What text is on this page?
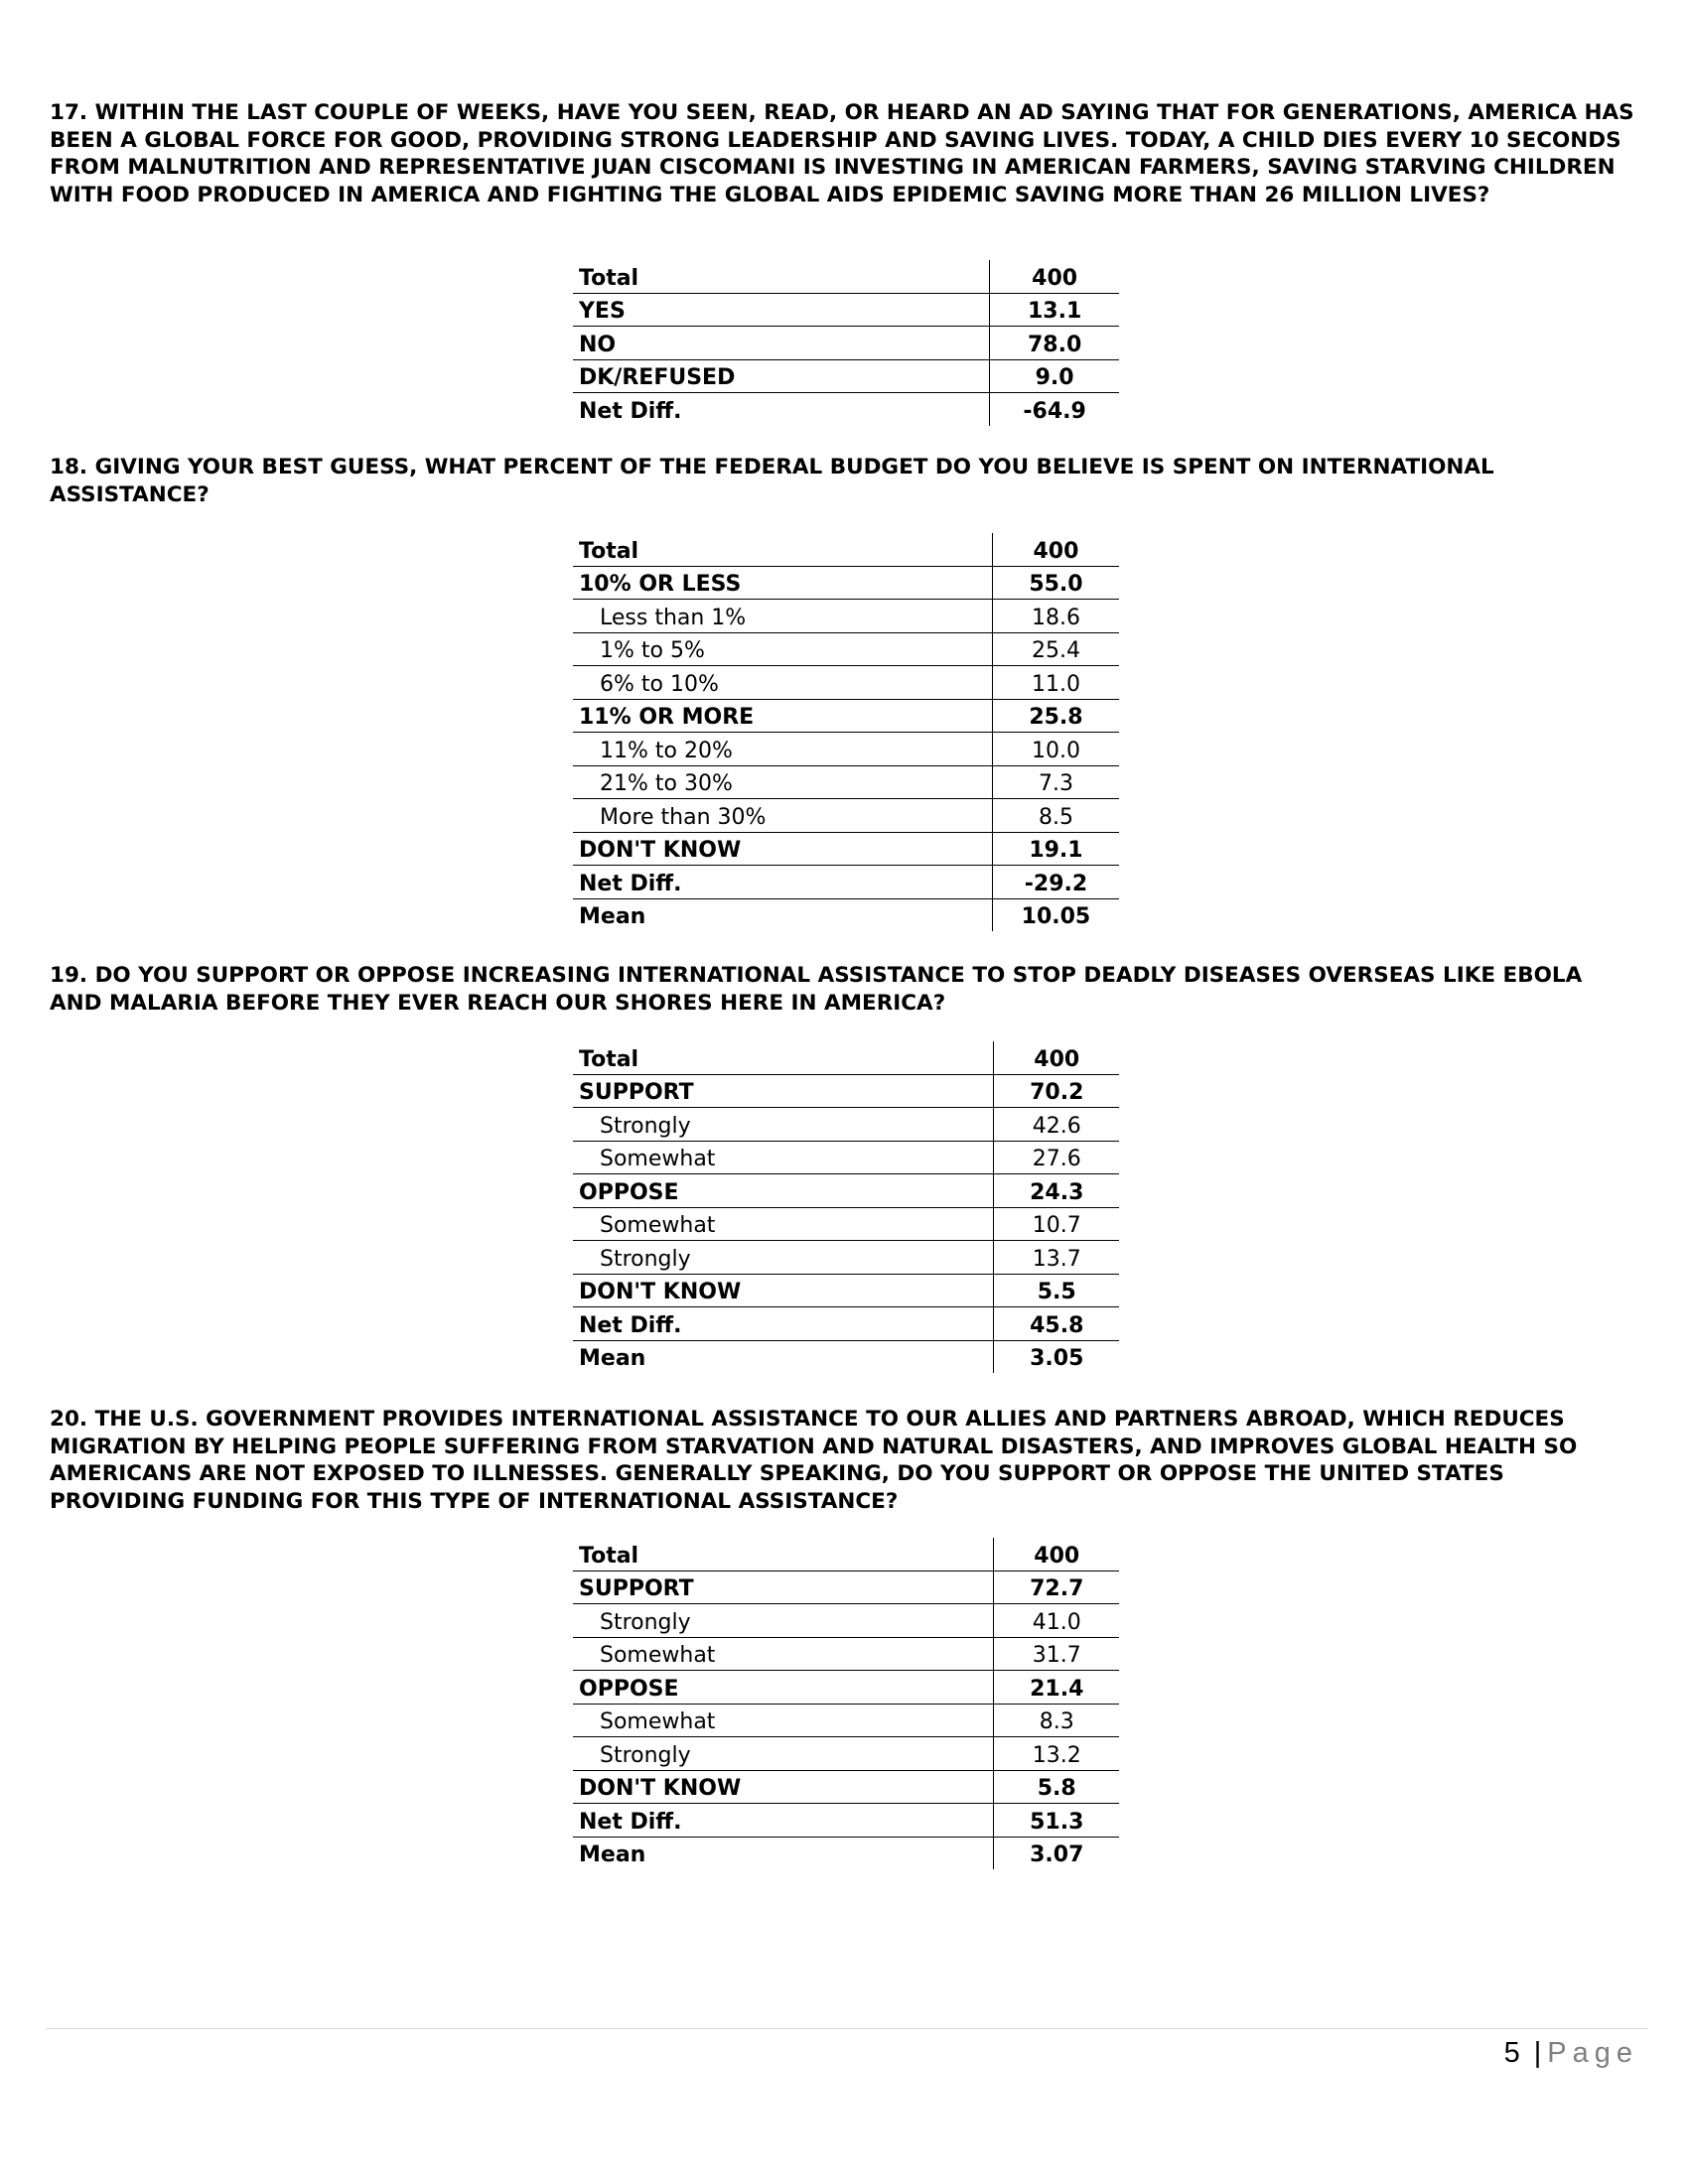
17. WITHIN THE LAST COUPLE OF WEEKS, HAVE YOU SEEN, READ, OR HEARD AN AD SAYING THAT FOR GENERATIONS, AMERICA HAS BEEN A GLOBAL FORCE FOR GOOD, PROVIDING STRONG LEADERSHIP AND SAVING LIVES. TODAY, A CHILD DIES EVERY 10 SECONDS FROM MALNUTRITION AND REPRESENTATIVE JUAN CISCOMANI IS INVESTING IN AMERICAN FARMERS, SAVING STARVING CHILDREN WITH FOOD PRODUCED IN AMERICA AND FIGHTING THE GLOBAL AIDS EPIDEMIC SAVING MORE THAN 26 MILLION LIVES?

Total	400
YES	13.1
NO	78.0
DK/REFUSED	9.0
Net Diff.	-64.9

18. GIVING YOUR BEST GUESS, WHAT PERCENT OF THE FEDERAL BUDGET DO YOU BELIEVE IS SPENT ON INTERNATIONAL ASSISTANCE?

Total	400
10% OR LESS	55.0
Less than 1%	18.6
1% to 5%	25.4
6% to 10%	11.0
11% OR MORE	25.8
11% to 20%	10.0
21% to 30%	7.3
More than 30%	8.5
DON'T KNOW	19.1
Net Diff.	-29.2
Mean	10.05

19. DO YOU SUPPORT OR OPPOSE INCREASING INTERNATIONAL ASSISTANCE TO STOP DEADLY DISEASES OVERSEAS LIKE EBOLA AND MALARIA BEFORE THEY EVER REACH OUR SHORES HERE IN AMERICA?

Total	400
SUPPORT	70.2
Strongly	42.6
Somewhat	27.6
OPPOSE	24.3
Somewhat	10.7
Strongly	13.7
DON'T KNOW	5.5
Net Diff.	45.8
Mean	3.05

20. THE U.S. GOVERNMENT PROVIDES INTERNATIONAL ASSISTANCE TO OUR ALLIES AND PARTNERS ABROAD, WHICH REDUCES MIGRATION BY HELPING PEOPLE SUFFERING FROM STARVATION AND NATURAL DISASTERS, AND IMPROVES GLOBAL HEALTH SO AMERICANS ARE NOT EXPOSED TO ILLNESSES. GENERALLY SPEAKING, DO YOU SUPPORT OR OPPOSE THE UNITED STATES PROVIDING FUNDING FOR THIS TYPE OF INTERNATIONAL ASSISTANCE?

Total	400
SUPPORT	72.7
Strongly	41.0
Somewhat	31.7
OPPOSE	21.4
Somewhat	8.3
Strongly	13.2
DON'T KNOW	5.8
Net Diff.	51.3
Mean	3.07
5 | Page
